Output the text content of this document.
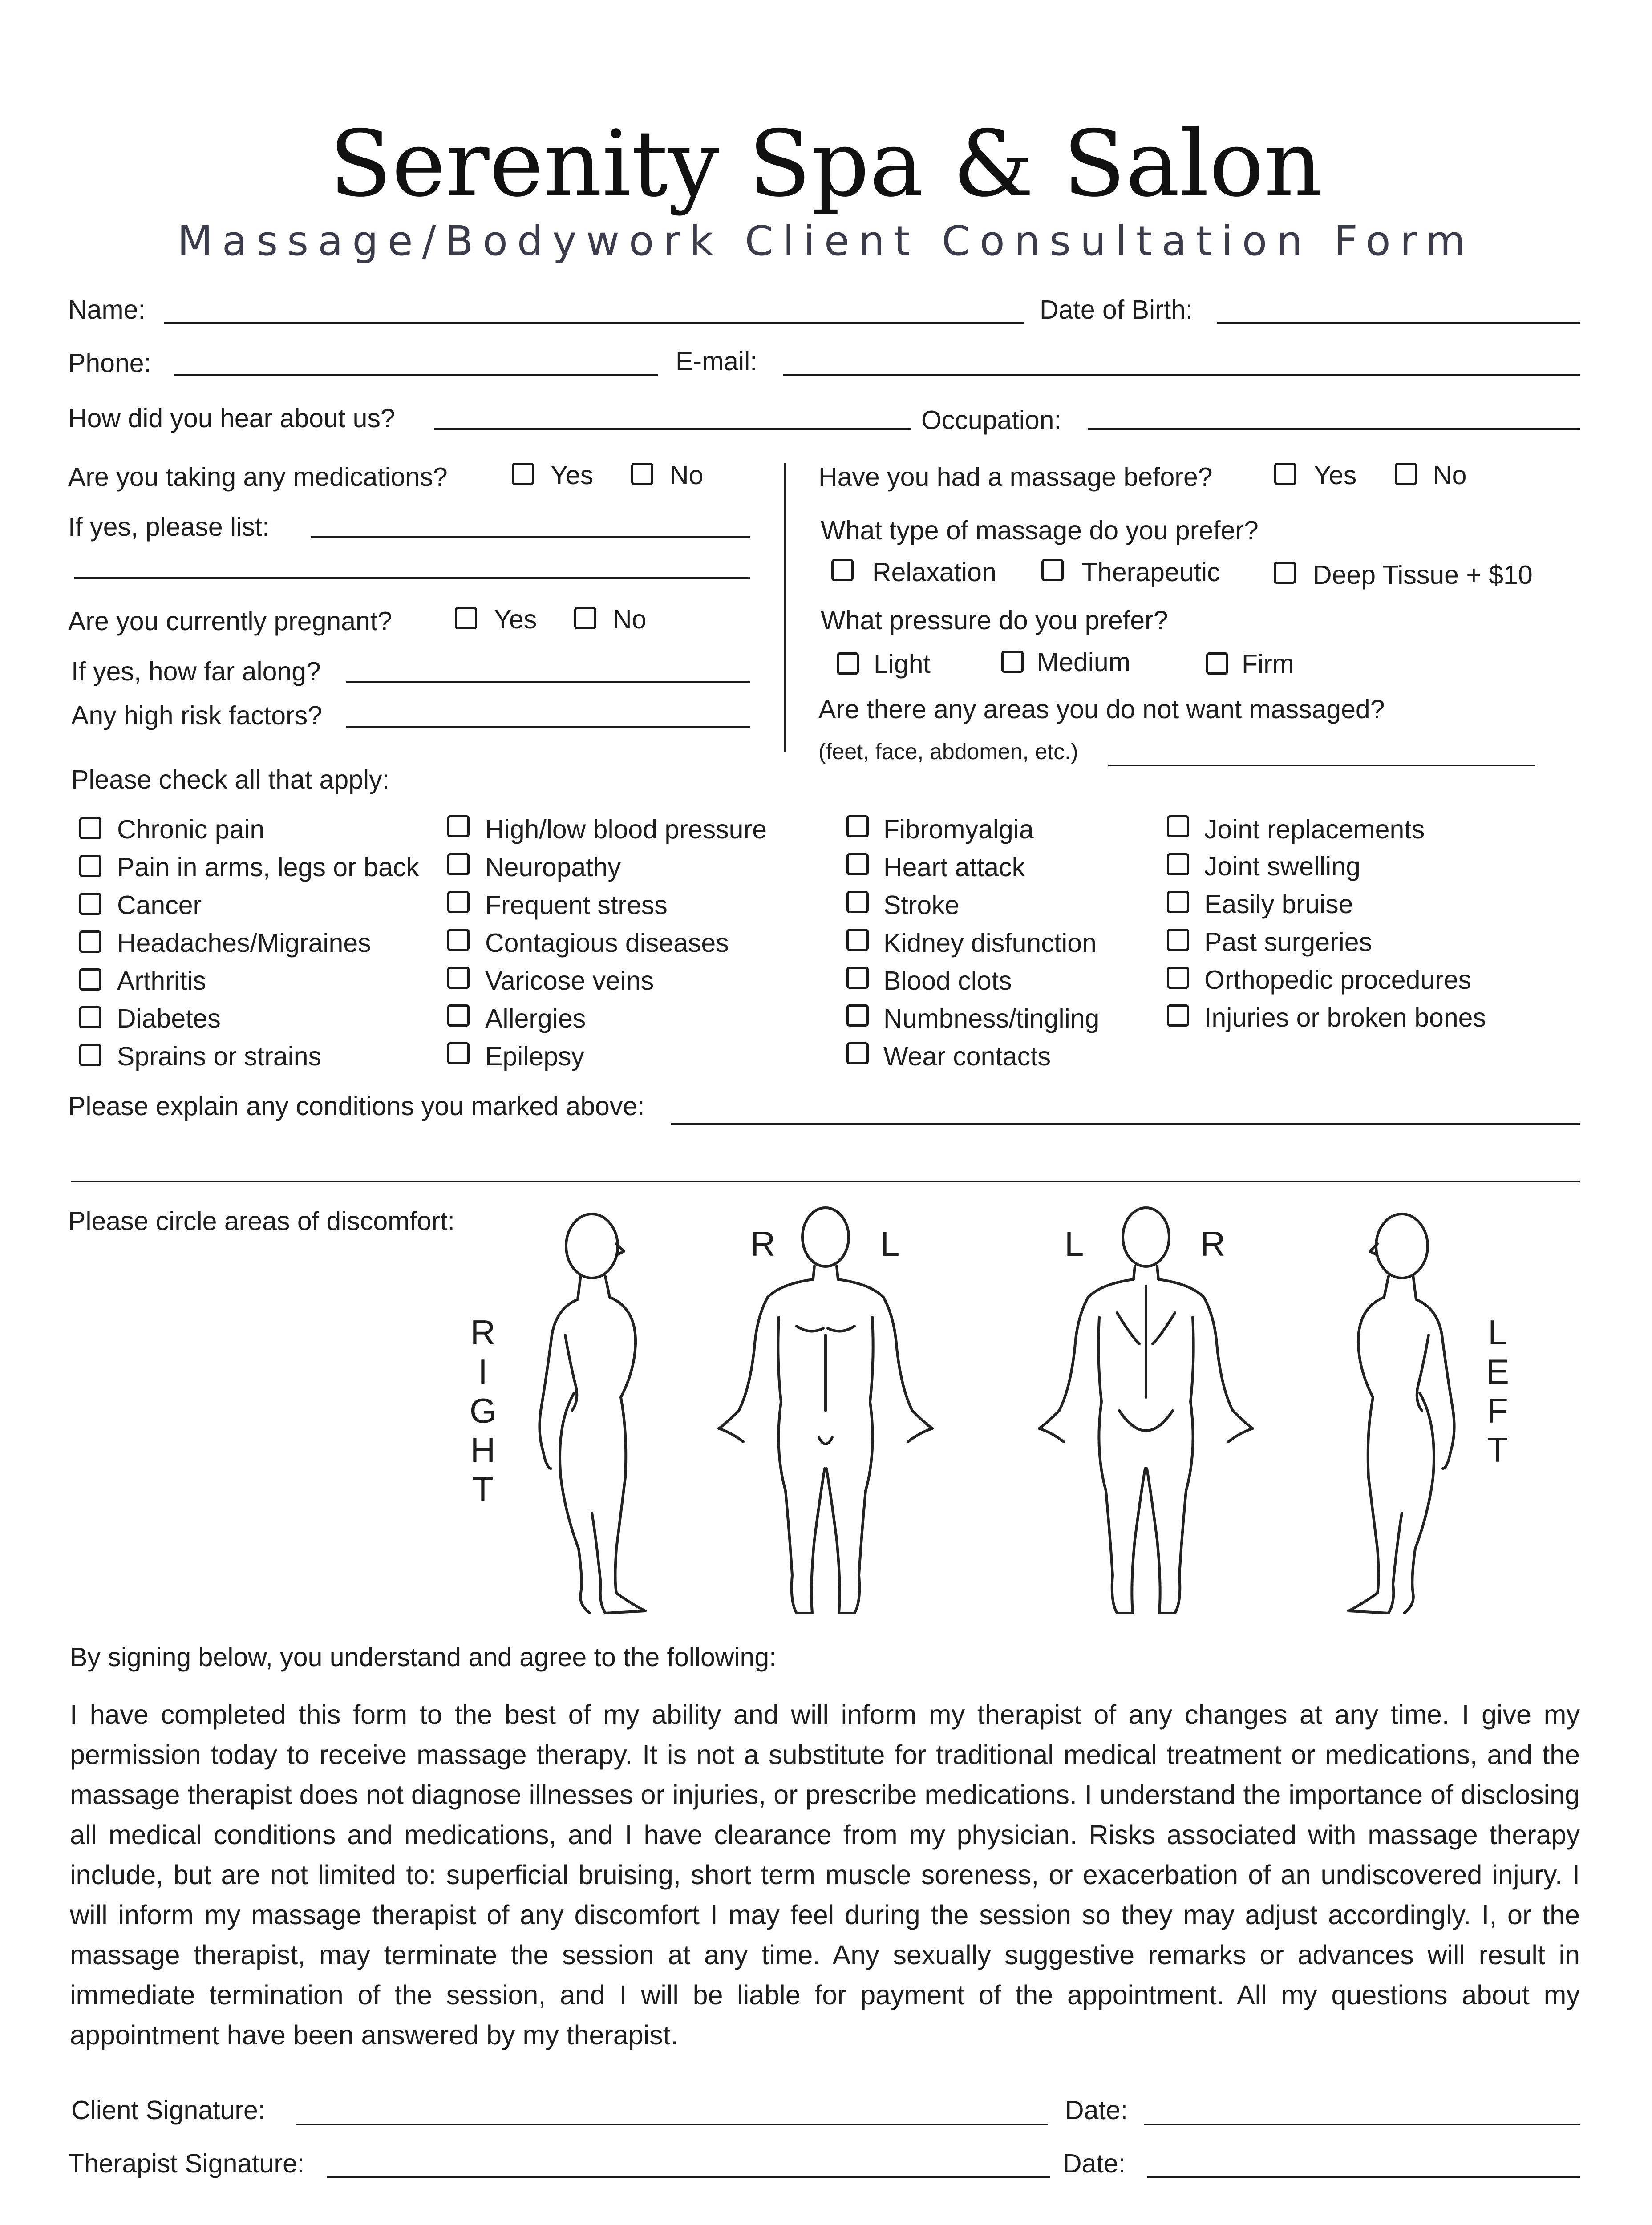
Serenity Spa & Salon
Massage/Bodywork Client Consultation Form
Name:	Date of Birth:
Phone:	E-mail:
How did you hear about us?	Occupation:
Are you taking any medications?	Yes	No
If yes, please list:
Are you currently pregnant?	Yes	No
If yes, how far along?
Any high risk factors?
Have you had a massage before?	Yes	No
What type of massage do you prefer?
Relaxation	Therapeutic	Deep Tissue + $10
What pressure do you prefer?
Light	Medium	Firm
Are there any areas you do not want massaged?
(feet, face, abdomen, etc.)
Please check all that apply:
Chronic pain
Pain in arms, legs or back
Cancer
Headaches/Migraines
Arthritis
Diabetes
Sprains or strains
High/low blood pressure
Neuropathy
Frequent stress
Contagious diseases
Varicose veins
Allergies
Epilepsy
Fibromyalgia
Heart attack
Stroke
Kidney disfunction
Blood clots
Numbness/tingling
Wear contacts
Joint replacements
Joint swelling
Easily bruise
Past surgeries
Orthopedic procedures
Injuries or broken bones
Please explain any conditions you marked above:
Please circle areas of discomfort:
R	L	L	R
R
I
G
H
T
L
E
F
T
By signing below, you understand and agree to the following:
I have completed this form to the best of my ability and will inform my therapist of any changes at any time. I give my permission today to receive massage therapy. It is not a substitute for traditional medical treatment or medications, and the massage therapist does not diagnose illnesses or injuries, or prescribe medications. I understand the importance of disclosing all medical conditions and medications, and I have clearance from my physician. Risks associated with massage therapy include, but are not limited to: superficial bruising, short term muscle soreness, or exacerbation of an undiscovered injury. I will inform my massage therapist of any discomfort I may feel during the session so they may adjust accordingly. I, or the massage therapist, may terminate the session at any time. Any sexually suggestive remarks or advances will result in immediate termination of the session, and I will be liable for payment of the appointment. All my questions about my appointment have been answered by my therapist.
Client Signature:	Date:
Therapist Signature:	Date:
